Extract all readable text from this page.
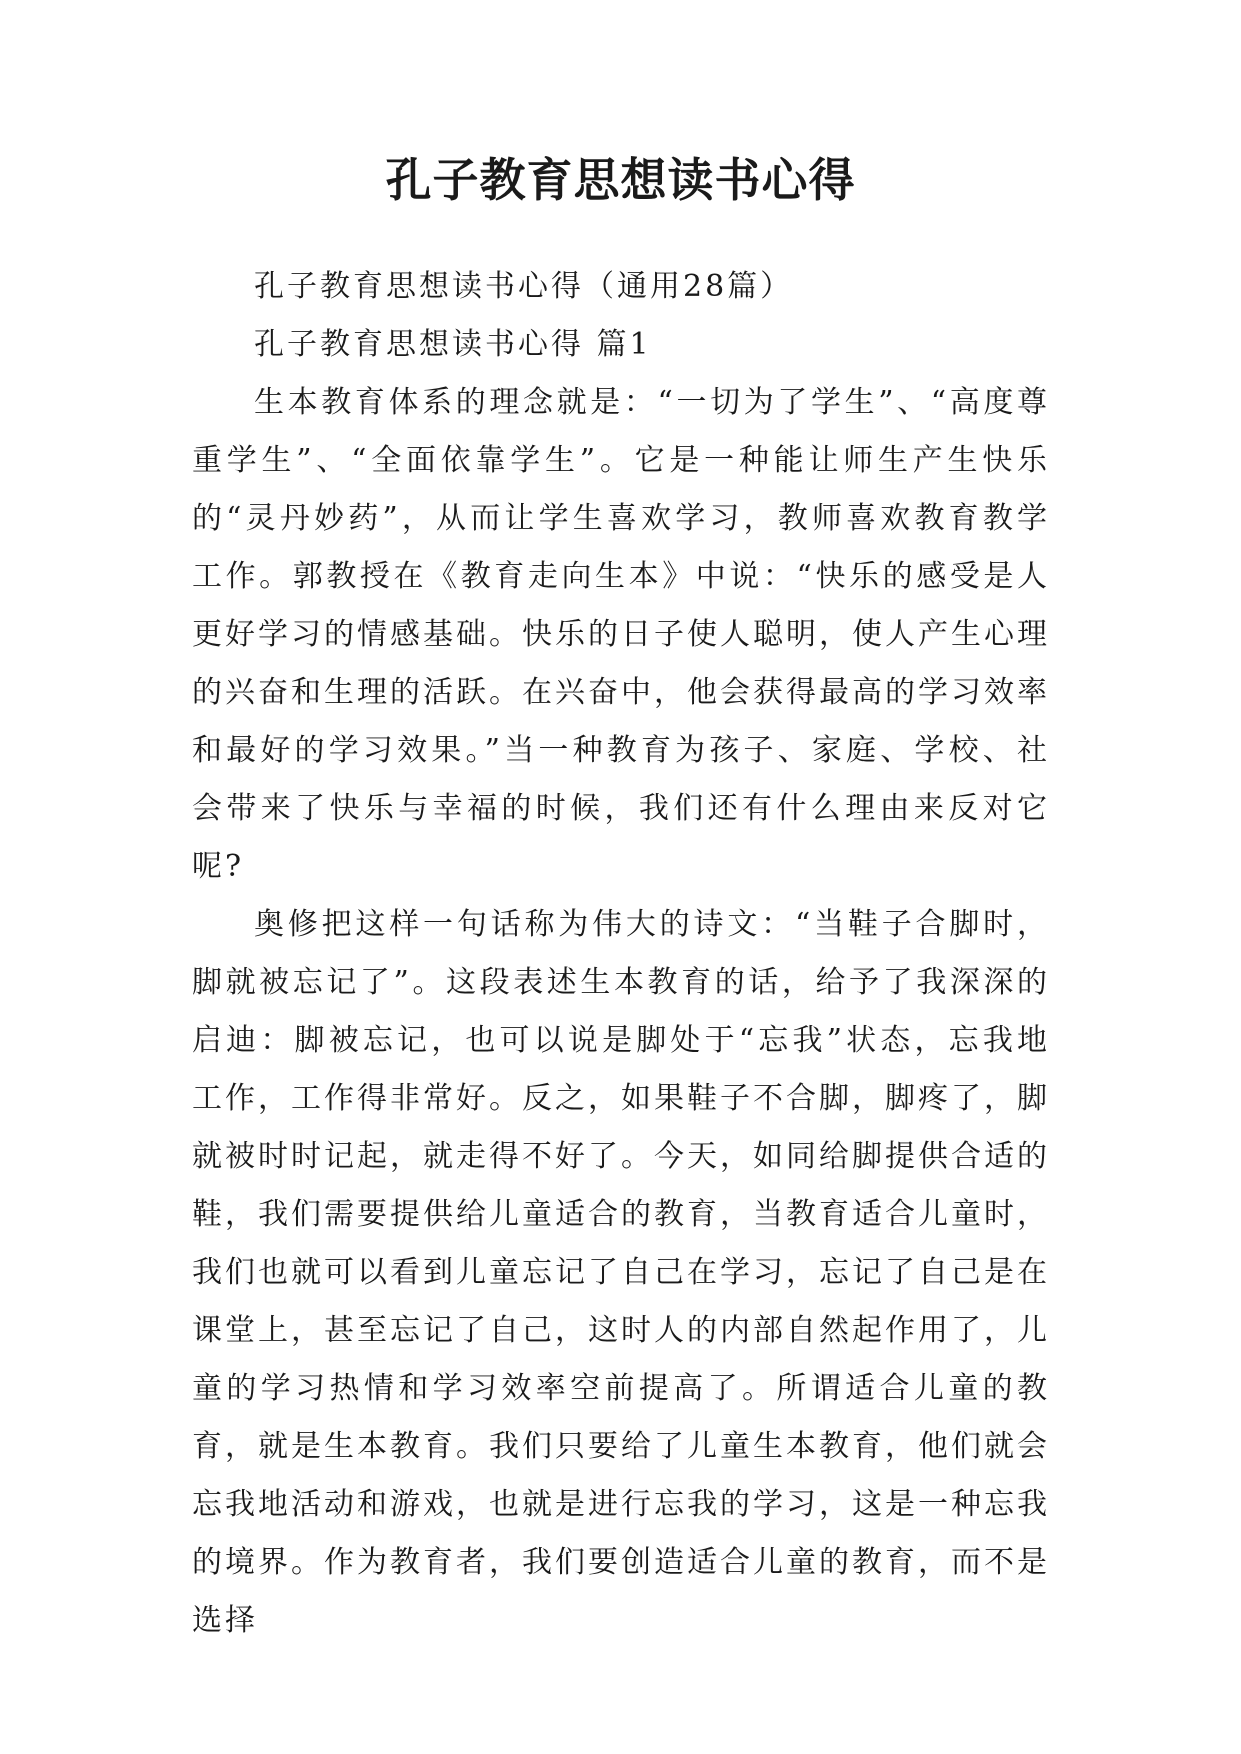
孔子教育思想读书心得

孔子教育思想读书心得（通用28篇）

孔子教育思想读书心得 篇1

生本教育体系的理念就是：“一切为了学生”、“高度尊重学生”、“全面依靠学生”。它是一种能让师生产生快乐的“灵丹妙药”，从而让学生喜欢学习，教师喜欢教育教学工作。郭教授在《教育走向生本》中说：“快乐的感受是人更好学习的情感基础。快乐的日子使人聪明，使人产生心理的兴奋和生理的活跃。在兴奋中，他会获得最高的学习效率和最好的学习效果。”当一种教育为孩子、家庭、学校、社会带来了快乐与幸福的时候，我们还有什么理由来反对它呢?

奥修把这样一句话称为伟大的诗文：“当鞋子合脚时，脚就被忘记了”。这段表述生本教育的话，给予了我深深的启迪：脚被忘记，也可以说是脚处于“忘我”状态，忘我地工作，工作得非常好。反之，如果鞋子不合脚，脚疼了，脚就被时时记起，就走得不好了。今天，如同给脚提供合适的鞋，我们需要提供给儿童适合的教育，当教育适合儿童时，我们也就可以看到儿童忘记了自己在学习，忘记了自己是在课堂上，甚至忘记了自己，这时人的内部自然起作用了，儿童的学习热情和学习效率空前提高了。所谓适合儿童的教育，就是生本教育。我们只要给了儿童生本教育，他们就会忘我地活动和游戏，也就是进行忘我的学习，这是一种忘我的境界。作为教育者，我们要创造适合儿童的教育，而不是选择
